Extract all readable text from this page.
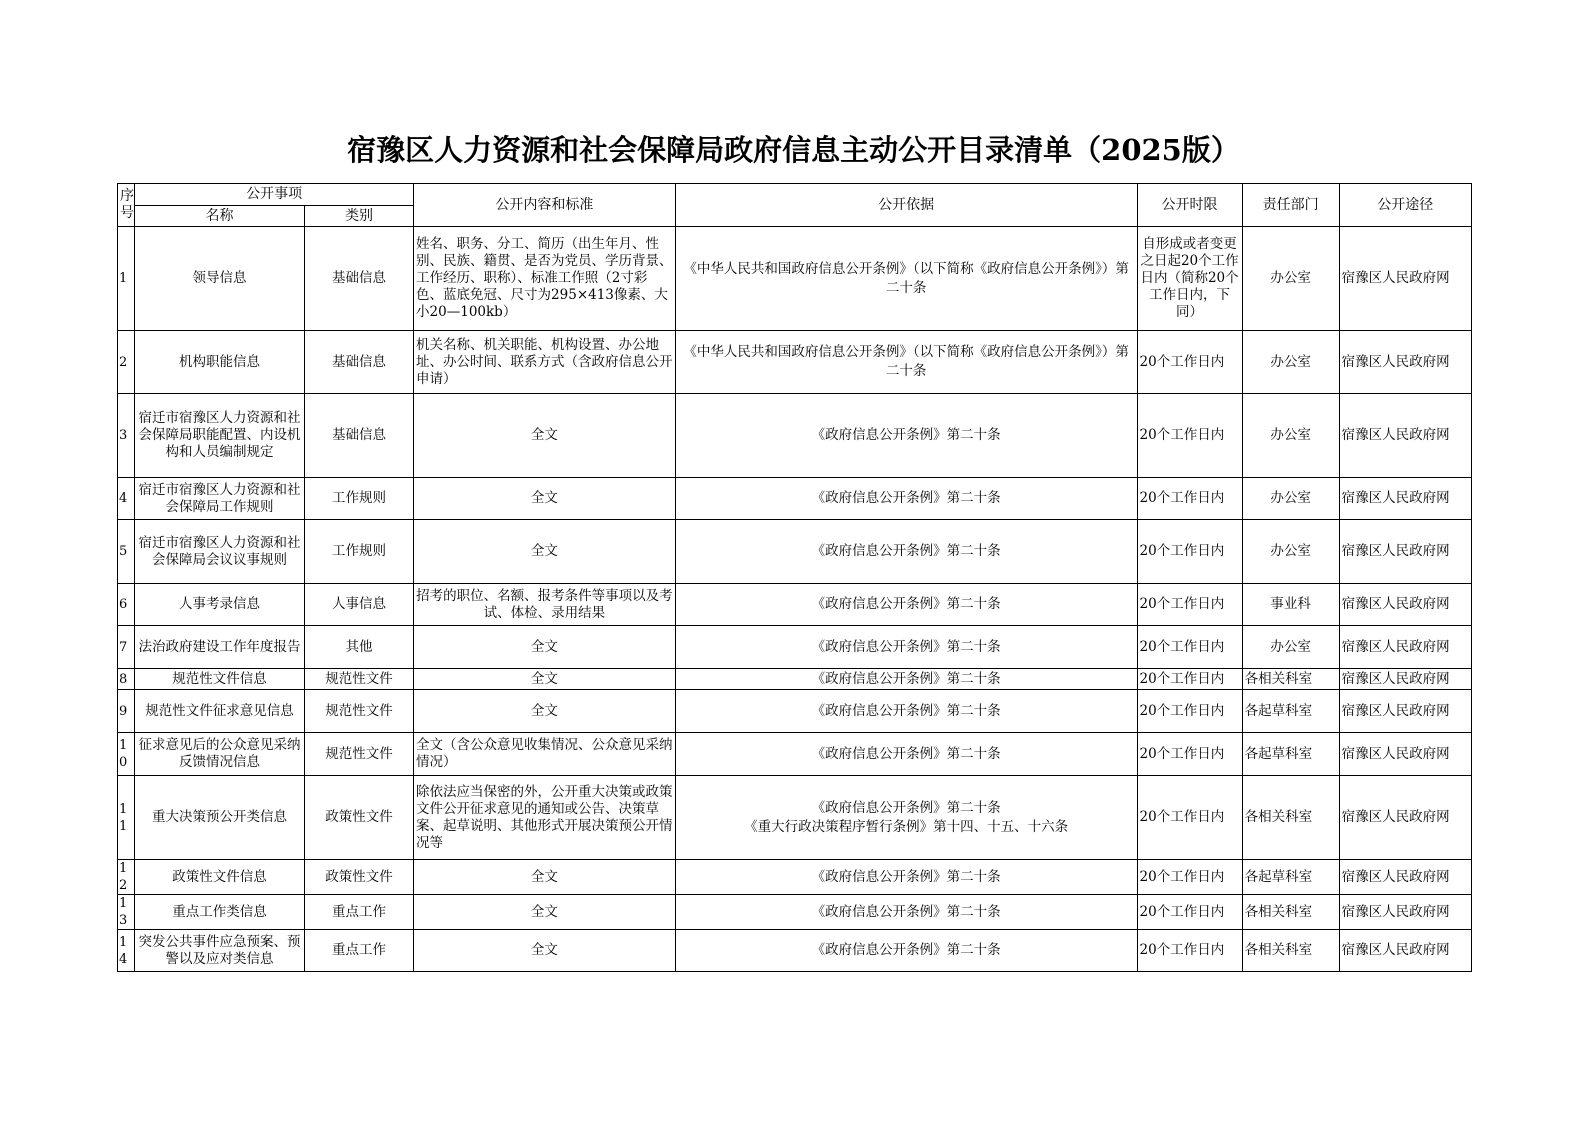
宿豫区人力资源和社会保障局政府信息主动公开目录清单（2025版）
序号	公开事项		公开内容和标准	公开依据	公开时限	责任部门	公开途径
	名称	类别					
1	领导信息	基础信息	姓名、职务、分工、简历（出生年月、性别、民族、籍贯、是否为党员、学历背景、工作经历、职称）、标准工作照（2寸彩色、蓝底免冠、尺寸为295×413像素、大小20—100kb）	《中华人民共和国政府信息公开条例》（以下简称《政府信息公开条例》）第二十条	自形成或者变更之日起20个工作日内（简称20个工作日内，下同）	办公室	宿豫区人民政府网
2	机构职能信息	基础信息	机关名称、机关职能、机构设置、办公地址、办公时间、联系方式（含政府信息公开申请）	《中华人民共和国政府信息公开条例》（以下简称《政府信息公开条例》）第二十条	20个工作日内	办公室	宿豫区人民政府网
3	宿迁市宿豫区人力资源和社会保障局职能配置、内设机构和人员编制规定	基础信息	全文	《政府信息公开条例》第二十条	20个工作日内	办公室	宿豫区人民政府网
4	宿迁市宿豫区人力资源和社会保障局工作规则	工作规则	全文	《政府信息公开条例》第二十条	20个工作日内	办公室	宿豫区人民政府网
5	宿迁市宿豫区人力资源和社会保障局会议议事规则	工作规则	全文	《政府信息公开条例》第二十条	20个工作日内	办公室	宿豫区人民政府网
6	人事考录信息	人事信息	招考的职位、名额、报考条件等事项以及考试、体检、录用结果	《政府信息公开条例》第二十条	20个工作日内	事业科	宿豫区人民政府网
7	法治政府建设工作年度报告	其他	全文	《政府信息公开条例》第二十条	20个工作日内	办公室	宿豫区人民政府网
8	规范性文件信息	规范性文件	全文	《政府信息公开条例》第二十条	20个工作日内	各相关科室	宿豫区人民政府网
9	规范性文件征求意见信息	规范性文件	全文	《政府信息公开条例》第二十条	20个工作日内	各起草科室	宿豫区人民政府网
10	征求意见后的公众意见采纳反馈情况信息	规范性文件	全文（含公众意见收集情况、公众意见采纳情况）	《政府信息公开条例》第二十条	20个工作日内	各起草科室	宿豫区人民政府网
11	重大决策预公开类信息	政策性文件	除依法应当保密的外，公开重大决策或政策文件公开征求意见的通知或公告、决策草案、起草说明、其他形式开展决策预公开情况等	《政府信息公开条例》第二十条
《重大行政决策程序暂行条例》第十四、十五、十六条	20个工作日内	各相关科室	宿豫区人民政府网
12	政策性文件信息	政策性文件	全文	《政府信息公开条例》第二十条	20个工作日内	各起草科室	宿豫区人民政府网
13	重点工作类信息	重点工作	全文	《政府信息公开条例》第二十条	20个工作日内	各相关科室	宿豫区人民政府网
14	突发公共事件应急预案、预警以及应对类信息	重点工作	全文	《政府信息公开条例》第二十条	20个工作日内	各相关科室	宿豫区人民政府网
